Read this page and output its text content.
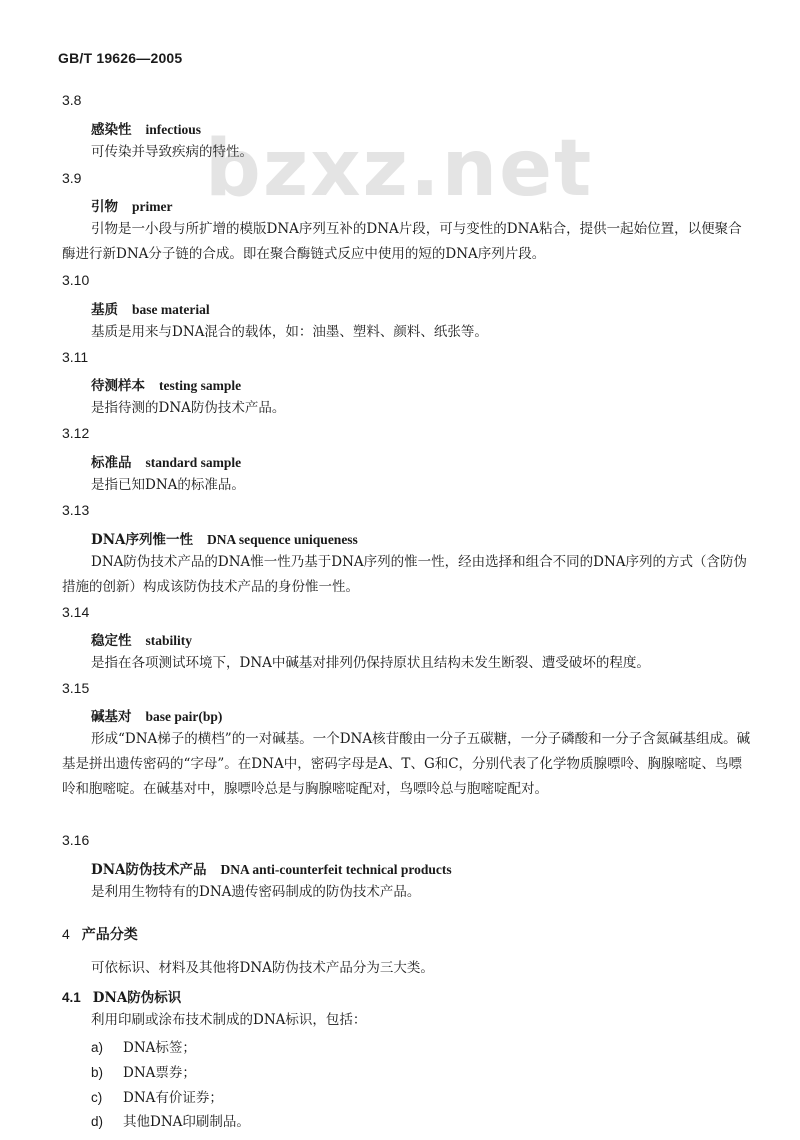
GB/T 19626—2005
bzxz.net
3.8
感染性 infectious
可传染并导致疾病的特性。
3.9
引物 primer
引物是一小段与所扩增的模版DNA序列互补的DNA片段，可与变性的DNA粘合，提供一起始位置，以便聚合酶进行新DNA分子链的合成。即在聚合酶链式反应中使用的短的DNA序列片段。
3.10
基质 base material
基质是用来与DNA混合的载体，如：油墨、塑料、颜料、纸张等。
3.11
待测样本 testing sample
是指待测的DNA防伪技术产品。
3.12
标准品 standard sample
是指已知DNA的标准品。
3.13
DNA序列惟一性 DNA sequence uniqueness
DNA防伪技术产品的DNA惟一性乃基于DNA序列的惟一性，经由选择和组合不同的DNA序列的方式（含防伪措施的创新）构成该防伪技术产品的身份惟一性。
3.14
稳定性 stability
是指在各项测试环境下，DNA中碱基对排列仍保持原状且结构未发生断裂、遭受破坏的程度。
3.15
碱基对 base pair(bp)
形成“DNA梯子的横档”的一对碱基。一个DNA核苷酸由一分子五碳糖，一分子磷酸和一分子含氮碱基组成。碱基是拼出遗传密码的“字母”。在DNA中，密码字母是A、T、G和C，分别代表了化学物质腺嘌呤、胸腺嘧啶、鸟嘌呤和胞嘧啶。在碱基对中，腺嘌呤总是与胸腺嘧啶配对，鸟嘌呤总与胞嘧啶配对。
3.16
DNA防伪技术产品 DNA anti-counterfeit technical products
是利用生物特有的DNA遗传密码制成的防伪技术产品。
4 产品分类
可依标识、材料及其他将DNA防伪技术产品分为三大类。
4.1 DNA防伪标识
利用印刷或涂布技术制成的DNA标识，包括：
a) DNA标签；
b) DNA票券；
c) DNA有价证券；
d) 其他DNA印刷制品。
